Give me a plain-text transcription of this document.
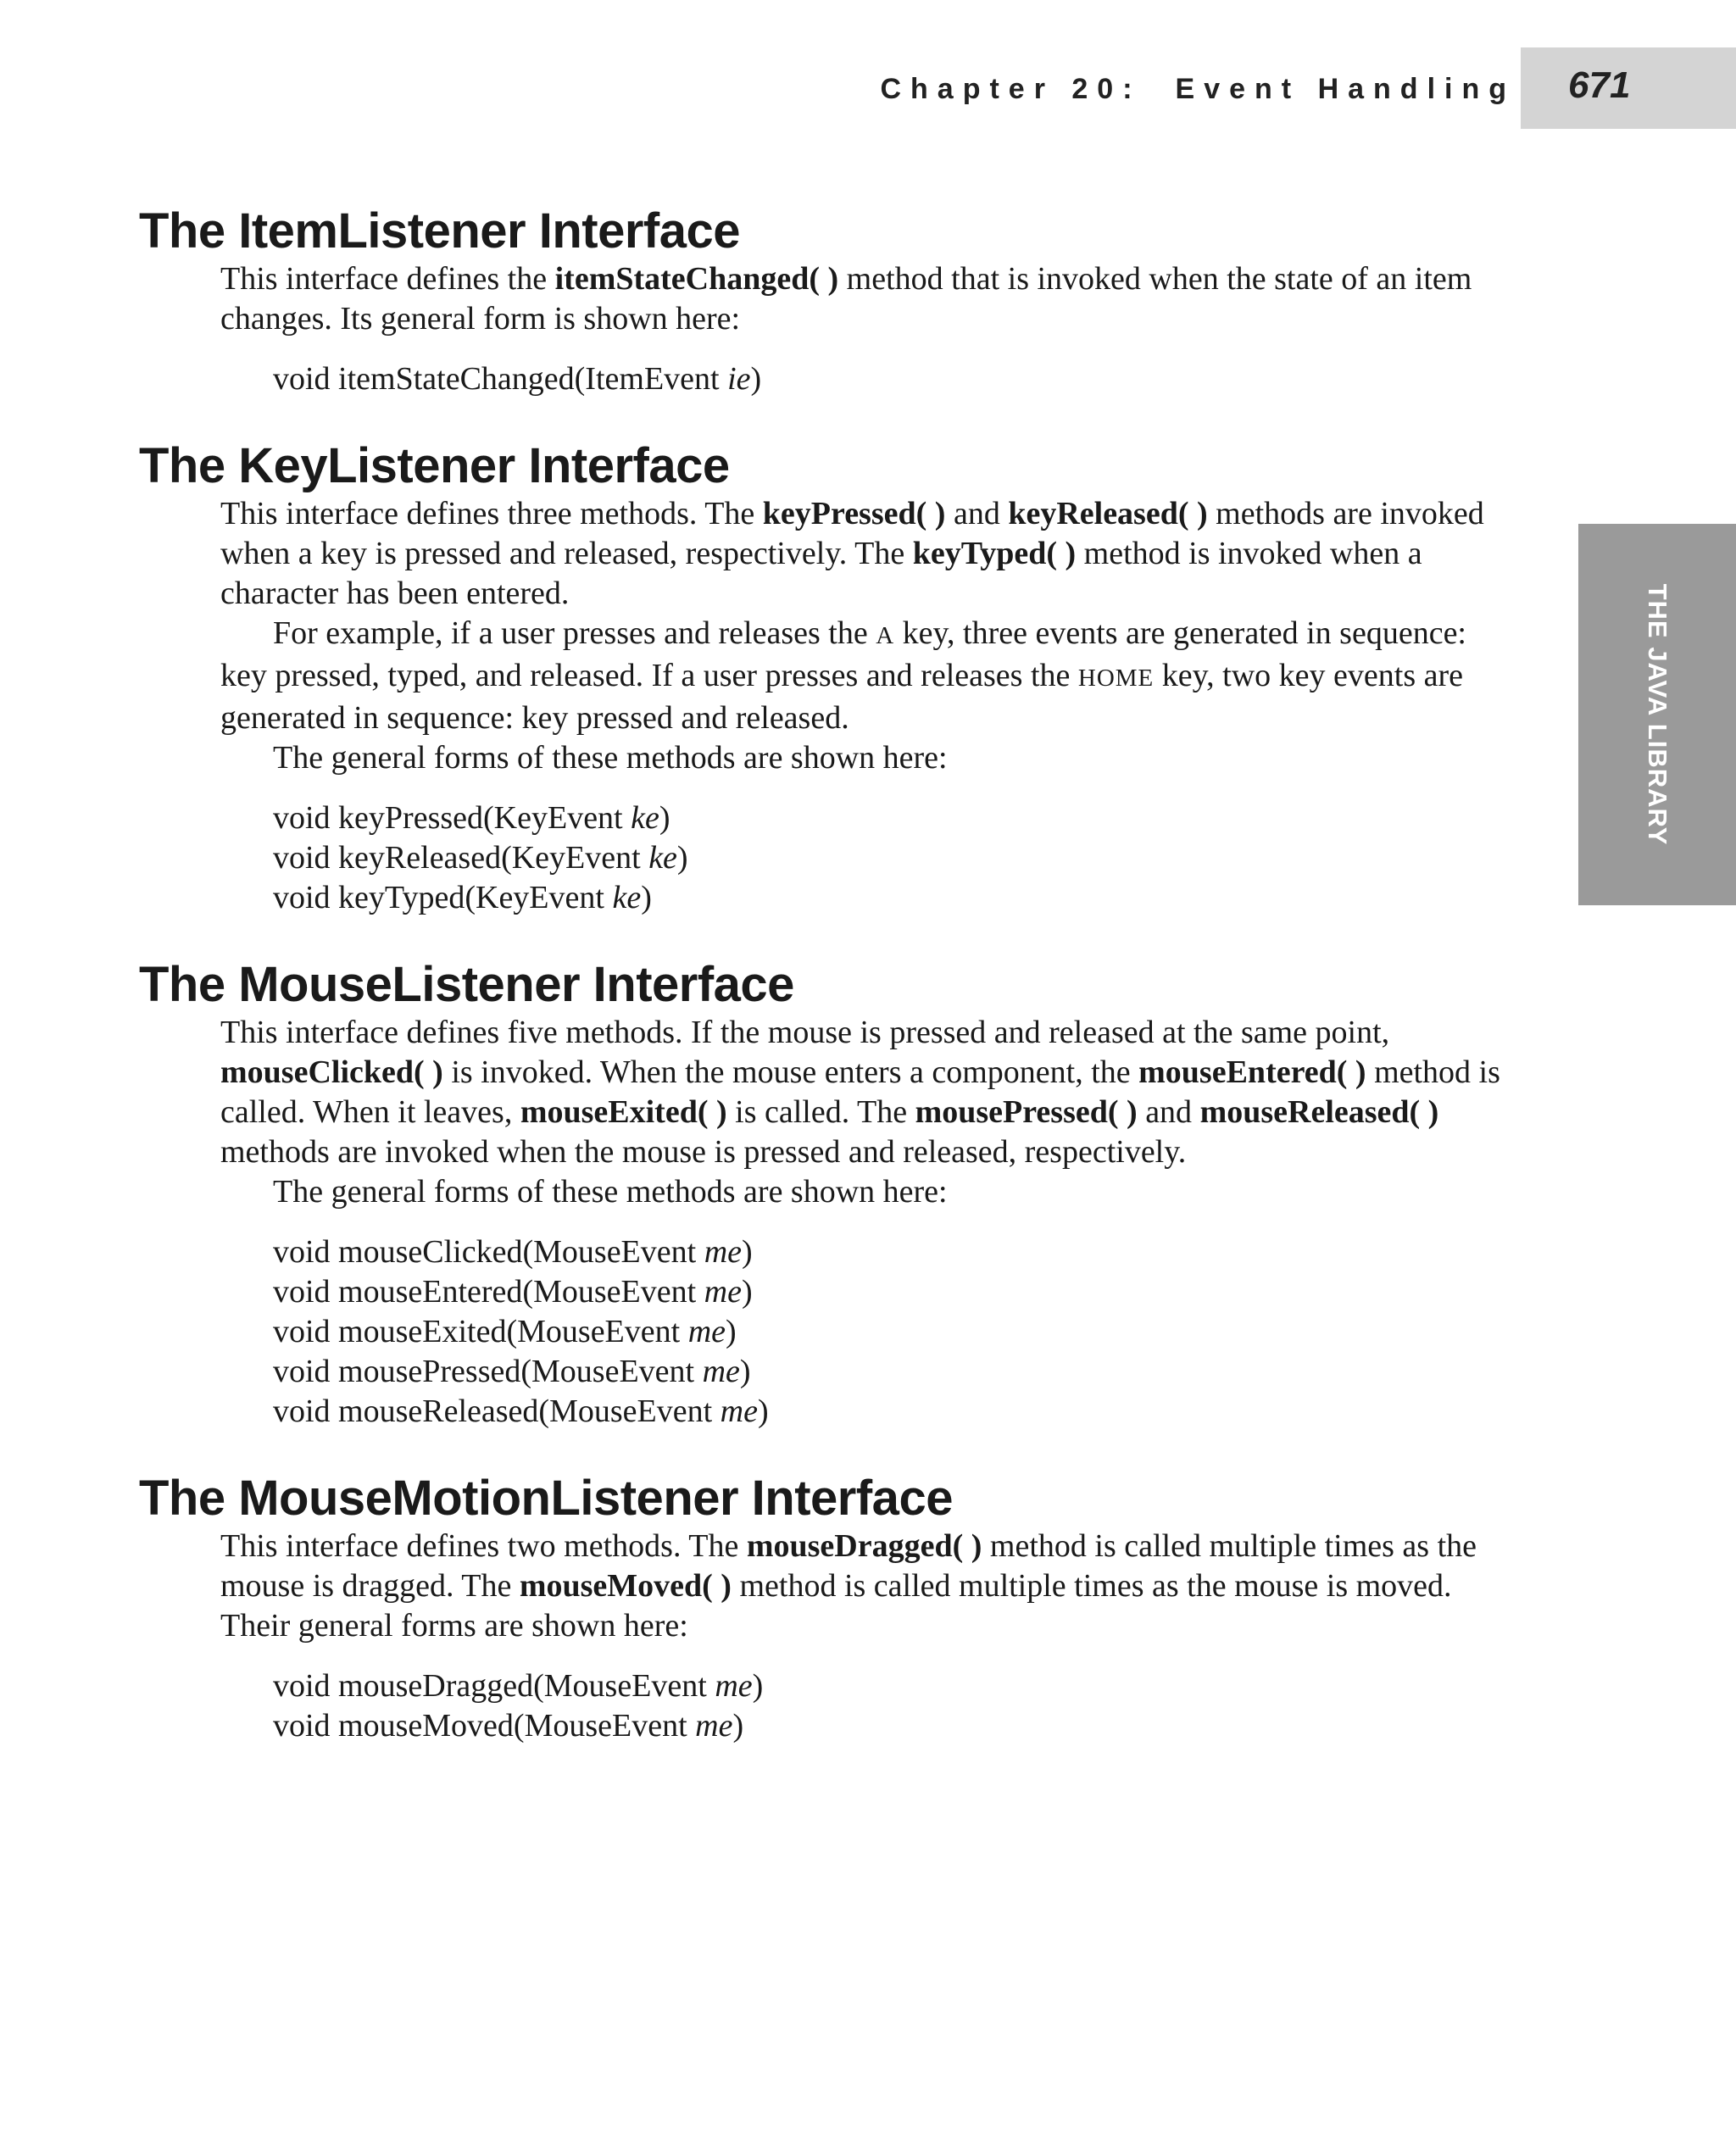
Chapter 20: Event Handling 671
THE JAVA LIBRARY
The ItemListener Interface

This interface defines the itemStateChanged( ) method that is invoked when the state of an item changes. Its general form is shown here:

void itemStateChanged(ItemEvent ie)
The KeyListener Interface

This interface defines three methods. The keyPressed( ) and keyReleased( ) methods are invoked when a key is pressed and released, respectively. The keyTyped( ) method is invoked when a character has been entered.

For example, if a user presses and releases the A key, three events are generated in sequence: key pressed, typed, and released. If a user presses and releases the HOME key, two key events are generated in sequence: key pressed and released.

The general forms of these methods are shown here:

void keyPressed(KeyEvent ke)
void keyReleased(KeyEvent ke)
void keyTyped(KeyEvent ke)
The MouseListener Interface

This interface defines five methods. If the mouse is pressed and released at the same point, mouseClicked( ) is invoked. When the mouse enters a component, the mouseEntered( ) method is called. When it leaves, mouseExited( ) is called. The mousePressed( ) and mouseReleased( ) methods are invoked when the mouse is pressed and released, respectively.

The general forms of these methods are shown here:

void mouseClicked(MouseEvent me)
void mouseEntered(MouseEvent me)
void mouseExited(MouseEvent me)
void mousePressed(MouseEvent me)
void mouseReleased(MouseEvent me)
The MouseMotionListener Interface

This interface defines two methods. The mouseDragged( ) method is called multiple times as the mouse is dragged. The mouseMoved( ) method is called multiple times as the mouse is moved. Their general forms are shown here:

void mouseDragged(MouseEvent me)
void mouseMoved(MouseEvent me)
